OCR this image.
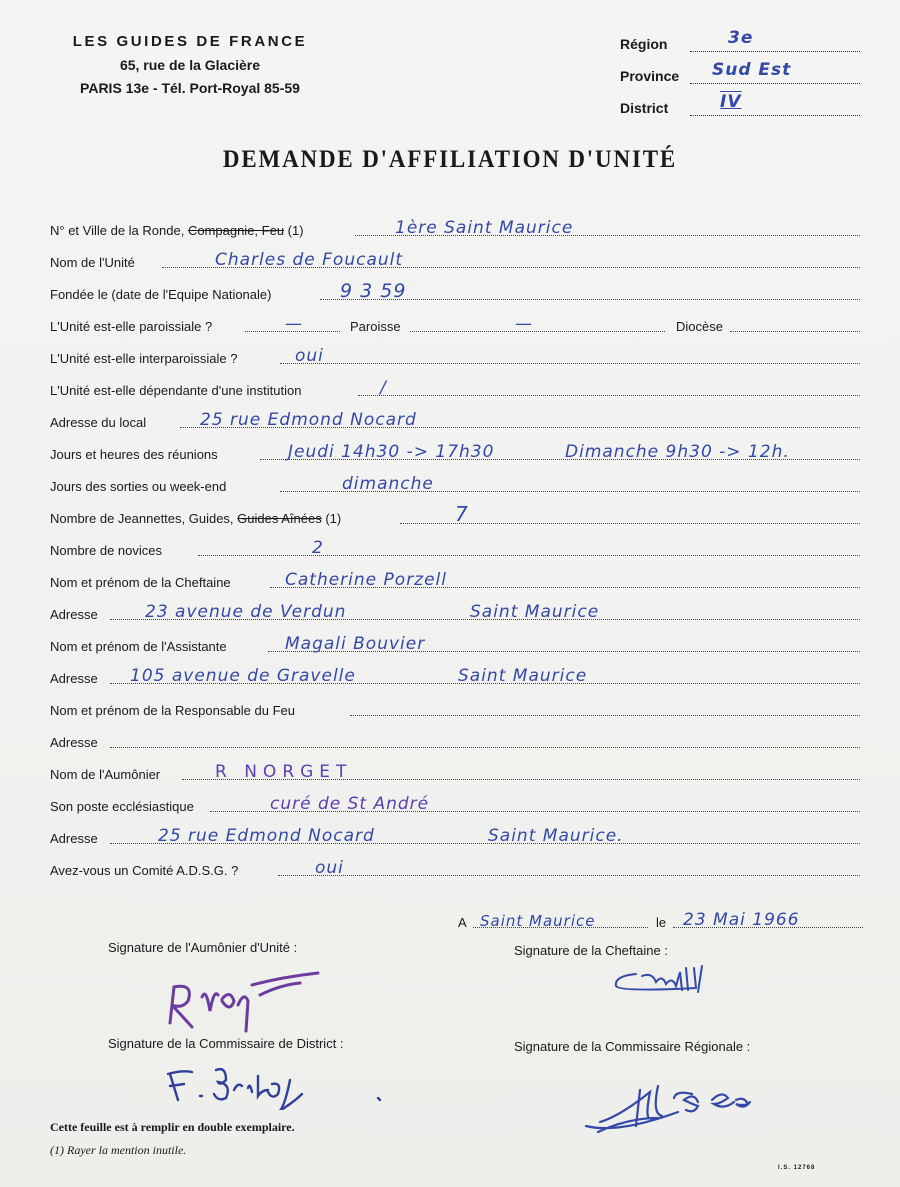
LES GUIDES DE FRANCE
65, rue de la Glacière
PARIS 13e - Tél. Port-Royal 85-59
Région	3e
Province Sud Est
District	IV
DEMANDE D'AFFILIATION D'UNITÉ
N° et Ville de la Ronde, Compagnie, Feu (1)	1ère Saint Maurice
Nom de l'Unité	Charles de Foucault
Fondée le (date de l'Equipe Nationale)	9 3 59
L'Unité est-elle paroissiale ?	—	Paroisse	—	Diocèse
L'Unité est-elle interparoissiale ?	oui
L'Unité est-elle dépendante d'une institution	/
Adresse du local	25 rue Edmond Nocard
Jours et heures des réunions	Jeudi 14h30 -> 17h30	Dimanche 9h30 -> 12h.
Jours des sorties ou week-end	dimanche
Nombre de Jeannettes, Guides, Guides Aînées (1)	7
Nombre de novices	2
Nom et prénom de la Cheftaine	Catherine Porzell
Adresse	23 avenue de Verdun	Saint Maurice
Nom et prénom de l'Assistante	Magali Bouvier
Adresse 105 avenue de Gravelle	Saint Maurice
Nom et prénom de la Responsable du Feu
Adresse
Nom de l'Aumônier	R NORGET
Son poste ecclésiastique	curé de St André
Adresse	25 rue Edmond Nocard	Saint Maurice.
Avez-vous un Comité A.D.S.G. ?	oui
A Saint Maurice	le 23 Mai 1966
Signature de l'Aumônier d'Unité :	Signature de la Cheftaine :
Signature de la Commissaire de District :	Signature de la Commissaire Régionale :
Cette feuille est à remplir en double exemplaire.
(1) Rayer la mention inutile.
I.S. 12768
